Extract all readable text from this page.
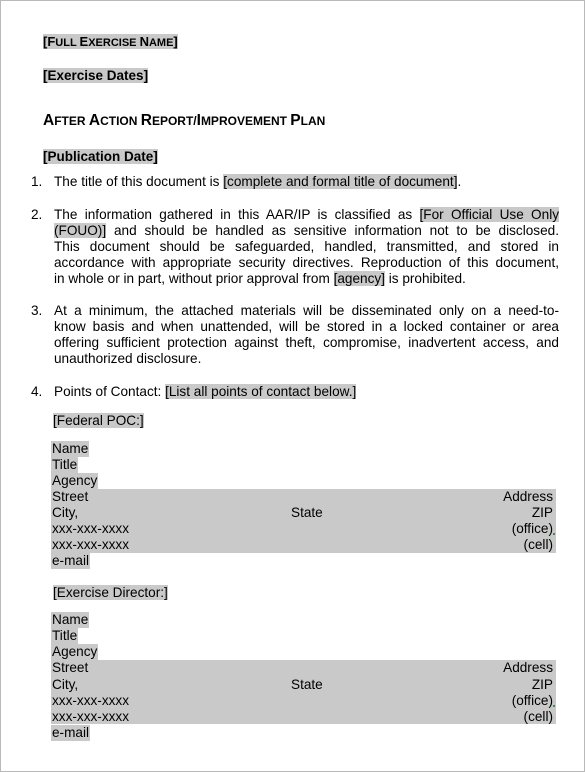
[FULL EXERCISE NAME]
[Exercise Dates]
AFTER ACTION REPORT/IMPROVEMENT PLAN
[Publication Date]
1. The title of this document is [complete and formal title of document].
2. The information gathered in this AAR/IP is classified as [For Official Use Only
(FOUO)] and should be handled as sensitive information not to be disclosed.
This document should be safeguarded, handled, transmitted, and stored in
accordance with appropriate security directives. Reproduction of this document,
in whole or in part, without prior approval from [agency] is prohibited.
3. At a minimum, the attached materials will be disseminated only on a need-to-
know basis and when unattended, will be stored in a locked container or area
offering sufficient protection against theft, compromise, inadvertent access, and
unauthorized disclosure.
4. Points of Contact: [List all points of contact below.]
[Federal POC:]
Name
Title
Agency
Street	Address
City,	State	ZIP
xxx-xxx-xxxx	(office)
xxx-xxx-xxxx	(cell)
e-mail
[Exercise Director:]
Name
Title
Agency
Street	Address
City,	State	ZIP
xxx-xxx-xxxx	(office)
xxx-xxx-xxxx	(cell)
e-mail
